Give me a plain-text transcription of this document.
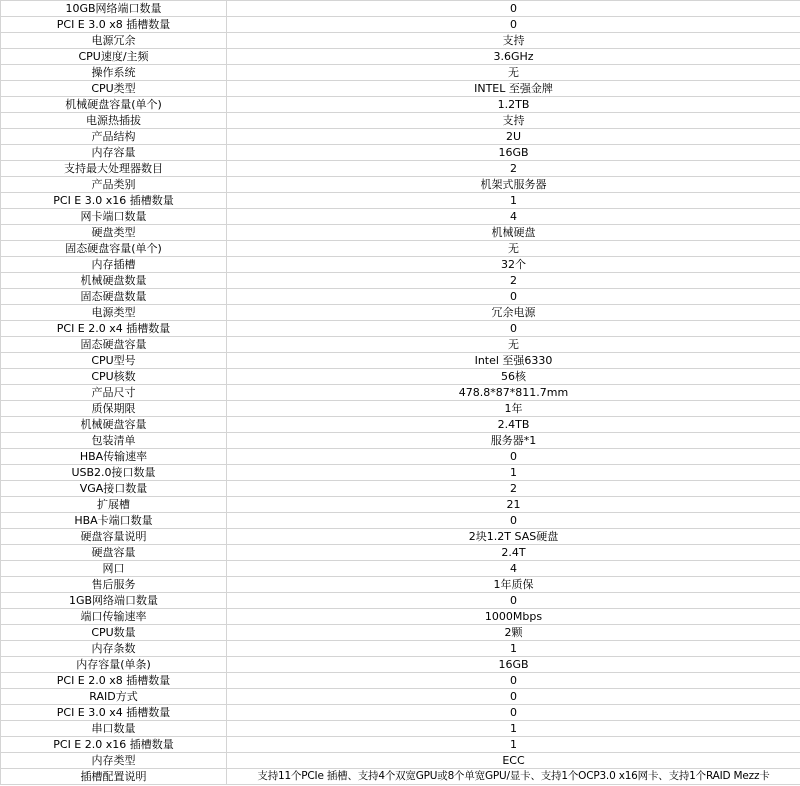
10GB网络端口数量	0
PCI E 3.0 x8 插槽数量	0
电源冗余	支持
CPU速度/主频	3.6GHz
操作系统	无
CPU类型	INTEL 至强金牌
机械硬盘容量(单个)	1.2TB
电源热插拔	支持
产品结构	2U
内存容量	16GB
支持最大处理器数目	2
产品类别	机架式服务器
PCI E 3.0 x16 插槽数量	1
网卡端口数量	4
硬盘类型	机械硬盘
固态硬盘容量(单个)	无
内存插槽	32个
机械硬盘数量	2
固态硬盘数量	0
电源类型	冗余电源
PCI E 2.0 x4 插槽数量	0
固态硬盘容量	无
CPU型号	Intel 至强6330
CPU核数	56核
产品尺寸	478.8*87*811.7mm
质保期限	1年
机械硬盘容量	2.4TB
包装清单	服务器*1
HBA传输速率	0
USB2.0接口数量	1
VGA接口数量	2
扩展槽	21
HBA卡端口数量	0
硬盘容量说明	2块1.2T SAS硬盘
硬盘容量	2.4T
网口	4
售后服务	1年质保
1GB网络端口数量	0
端口传输速率	1000Mbps
CPU数量	2颗
内存条数	1
内存容量(单条)	16GB
PCI E 2.0 x8 插槽数量	0
RAID方式	0
PCI E 3.0 x4 插槽数量	0
串口数量	1
PCI E 2.0 x16 插槽数量	1
内存类型	ECC
插槽配置说明	支持11个PCIe 插槽、支持4个双宽GPU或8个单宽GPU/显卡、支持1个OCP3.0 x16网卡、支持1个RAID Mezz卡
